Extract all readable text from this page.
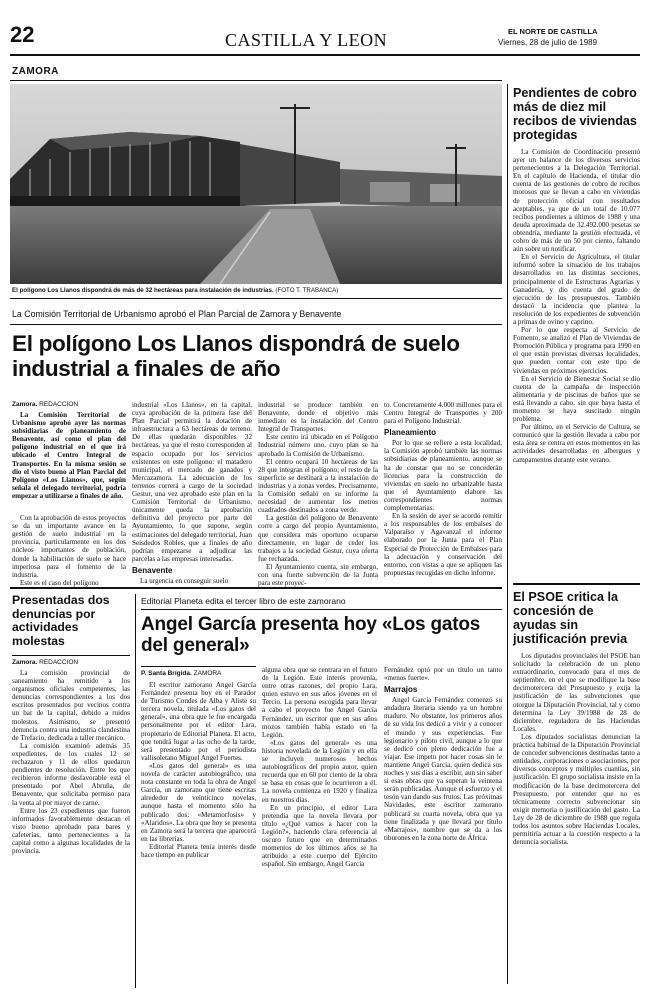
22	CASTILLA Y LEON	EL NORTE DE CASTILLA
Viernes, 28 de julio de 1989
ZAMORA
El polígono Los Llanos dispondrá de más de 32 hectáreas para instalación de industrias. (FOTO T. TRABANCA)
La Comisión Territorial de Urbanismo aprobó el Plan Parcial de Zamora y Benavente
El polígono Los Llanos dispondrá de suelo industrial a finales de año
Zamora. REDACCION

La Comisión Territorial de Urbanismo aprobó ayer las normas subsidiarias de planeamiento de Benavente, así como el plan del polígono industrial en el que irá ubicado el Centro Integral de Transportes. En la misma sesión se dio el visto bueno al Plan Parcial del Polígono «Los Llanos», que, según señala el delegado territorial, podría empezar a utilizarse a finales de año.

Con la aprobación de estos proyectos se da un importante avance en la gestión de suelo industrial en la provincia, particularmente en los dos núcleos importantes de población, donde la habilitación de suelo se hace imperiosa para el fomento de la industria.

Este es el caso del polígono

industrial «Los Llanos», en la capital, cuya aprobación de la primera fase del Plan Parcial permitirá la dotación de infraestructura a 63 hectáreas de terreno. De ellas quedarán disponibles 32 hectáreas, ya que el resto corresponden al espacio ocupado por los servicios existentes en este polígono: el matadero municipal, el mercado de ganados y Mercazamora. La adecuación de los terrenos correrá a cargo de la sociedad Gestur, una vez aprobado este plan en la Comisión Territorial de Urbanismo, únicamente queda la aprobación definitiva del proyecto por parte del Ayuntamiento, lo que supone, según estimaciones del delegado territorial, Juan Seisdedos Robles, que a finales de año podrían empezarse a adjudicar las parcelas a las empresas interesadas.

Benavente

La urgencia en conseguir suelo

industrial se produce también en Benavente, donde el objetivo más inmediato es la instalación del Centro Integral de Transportes.

Este centro irá ubicado en el Polígono Industrial número uno, cuyo plan se ha aprobado la Comisión de Urbanismo.

El centro ocupará 10 hectáreas de las 28 que integran el polígono; el resto de la superficie se destinará a la instalación de industrias y a zonas verdes. Precisamente, la Comisión señaló en su informe la necesidad de aumentar los metros cuadrados destinados a zona verde.

La gestión del polígono de Benavente corre a cargo del propio Ayuntamiento, que considera más oportuno ocuparse directamente, en lugar de ceder los trabajos a la sociedad Gestur, cuya oferta fue rechazada.

El Ayuntamiento cuenta, sin embargo, con una fuerte subvención de la Junta para este proyec-

to. Concretamente 4.000 millones para el Centro Integral de Transportes y 200 para el Polígono Industrial.

Planeamiento

Por lo que se refiere a esta localidad, la Comisión aprobó también las normas subsidiarias de planeamiento, aunque se ha de constar que no se concederán licencias para la construcción de viviendas en suelo no urbanizable hasta que el Ayuntamiento elabore las correspondientes normas complementarias.

En la sesión de ayer se acordó remitir a los responsables de los embalses de Valparaíso y Agavanzal el informe elaborado por la Junta para el Plan Especial de Protección de Embalses para la adecuación y conservación del entorno, con vistas a que se apliquen las propuestas recogidas en dicho informe.

Pendientes de cobro más de diez mil recibos de viviendas protegidas

La Comisión de Coordinación presentó ayer un balance de los diversos servicios pertenecientes a la Delegación Territorial. En el capítulo de Hacienda, el titular dio cuenta de las gestiones de cobro de recibos morosos que se llevan a cabo en viviendas de protección oficial con resultados aceptables, ya que de un total de 10.077 recibos pendientes a últimos de 1988 y una deuda aproximada de 32.492.000 pesetas se obtendría, mediante la gestión efectuada, el cobro de más de un 50 por ciento, faltando aún sobre un notificar.

En el Servicio de Agricultura, el titular informó sobre la situación de los trabajos desarrollados en las distintas secciones, principalmente el de Estructuras Agrarias y Ganadería, y dio cuenta del grado de ejecución de los presupuestos. También destacó la incidencia que plantea la resolución de los expedientes de subvención a primas de ovino y caprino.

Por lo que respecta al Servicio de Fomento, se analizó el Plan de Viviendas de Promoción Pública y programa para 1990 en el que están previstas diversas localidades, que pueden contar con este tipo de viviendas en próximos ejercicios.

En el Servicio de Bienestar Social se dio cuenta de la campaña de inspección alimentaria y de piscinas de baños que se está llevando a cabo, sin que haya hasta el momento se haya suscitado ningún problema.

Por último, en el Servicio de Cultura, se comunicó que la gestión llevada a cabo por esta área se centra en estos momentos en las actividades desarrolladas en albergues y campamentos durante este verano.

El PSOE critica la concesión de ayudas sin justificación previa

Los diputados provinciales del PSOE han solicitado la celebración de un pleno extraordinario, convocado para el mes de septiembre, en el que se modifique la base decimotercera del Presupuesto y exija la justificación de las subvenciones que otorgue la Diputación Provincial, tal y como determina la Ley 39/1988 de 28 de diciembre, reguladora de las Haciendas Locales.

Los diputados socialistas denuncian la práctica habitual de la Diputación Provincial de conceder subvenciones destinadas tanto a entidades, corporaciones o asociaciones, por diversos conceptos y múltiples cuantías, sin justificación. El grupo socialista insiste en la modificación de la base decimotercera del Presupuesto, por entender que no es técnicamente correcto subvencionar sin exigir memoria o justificación del gasto. La Ley de 28 de diciembre de 1988 que regula todos los asuntos sobre Haciendas Locales, permitiría actuar a la cuestión respecto a la denuncia socialista.

Presentadas dos denuncias por actividades molestas
Zamora. REDACCION

La comisión provincial de saneamiento ha remitido a los organismos oficiales competentes, las denuncias correspondientes a los dos escritos presentados por vecinos contra un bar de la capital, debido a ruidos molestos. Asimismo, se presentó denuncia contra una industria clandestina de Trefacio, dedicada a taller mecánico.

La comisión examinó además 35 expedientes, de los cuales 12 se rechazaron y 11 de ellos quedaron pendientes de resolución. Entre los que recibieron informe desfavorable está el presentado por Abel Abruña, de Benavente, que solicitaba permiso para la venta al por mayor de carne.

Entre los 23 expedientes que fueron informados favorablemente destacan el visto bueno aprobado para bares y cafeterías, tanto pertenecientes a la capital como a algunas localidades de la provincia.

Editorial Planeta edita el tercer libro de este zamorano
Angel García presenta hoy «Los gatos del general»
P. Santa Brígida. ZAMORA

El escritor zamorano Angel García Fernández presenta hoy en el Parador de Turismo Condes de Alba y Aliste su tercera novela, titulada «Los gatos del general», una obra que le fue encargada personalmente por el editor Lara, propietario de Editorial Planeta. El acto, que tendrá lugar a las ocho de la tarde, será presentado por el periodista vallisoletano Miguel Angel Fuertes.

«Los gatos del general» es una novela de carácter autobiográfico, una nota constante en toda la obra de Angel García, un zamorano que tiene escritas alrededor de veinticinco novelas, aunque hasta el momento sólo ha publicado dos: «Metamorfosis» y «Alaridos». La obra que hoy se presenta en Zamora será la tercera que aparecerá en las librerías.

Editorial Planeta tenía interés desde hace tiempo en publicar

alguna obra que se centrara en el futuro de la Legión. Este interés provenía, entre otras razones, del propio Lara, quien estuvo en sus años jóvenes en el Tercio. La persona escogida para llevar a cabo el proyecto fue Angel García Fernández, un escritor que en sus años mozos también había estado en la Legión.

«Los gatos del general» es una historia novelada de la Legión y en ella se incluyen numerosos hechos autobiográficos del propio autor, quien recuerda que en 60 por ciento de la obra se basa en cosas que le ocurrieron a él. La novela comienza en 1920 y finaliza en nuestros días.

En un principio, el editor Lara pretendía que la novela llevara por título «¿Qué vamos a hacer con la Legión?», haciendo clara referencia al oscuro futuro que en determinados momentos de los últimos años se ha atribuido a este cuerpo del Ejército español. Sin embargo, Angel García

Fernández optó por un título un tanto «menos fuerte».

Marrajos

Angel García Fernández comenzó su andadura literaria siendo ya un hombre maduro. No obstante, los primeros años de su vida los dedicó a vivir y a conocer el mundo y sus experiencias. Fue legionario y piloto civil, aunque a lo que se dedicó con pleno dedicación fue a viajar. Ese ímpetu por hacer cosas sin le mantiene Angel García, quien dedica sus noches y sus días a escribir, aun sin saber si esas obras que ya superan la veintena serán publicadas. Aunque el esfuerzo y el tesón van dando sus frutos. Las próximas Navidades, este escritor zamorano publicará su cuarta novela, obra que ya tiene finalizada y que llevará por título «Marrajos», nombre que se da a los tiburones en la zona norte de África.
